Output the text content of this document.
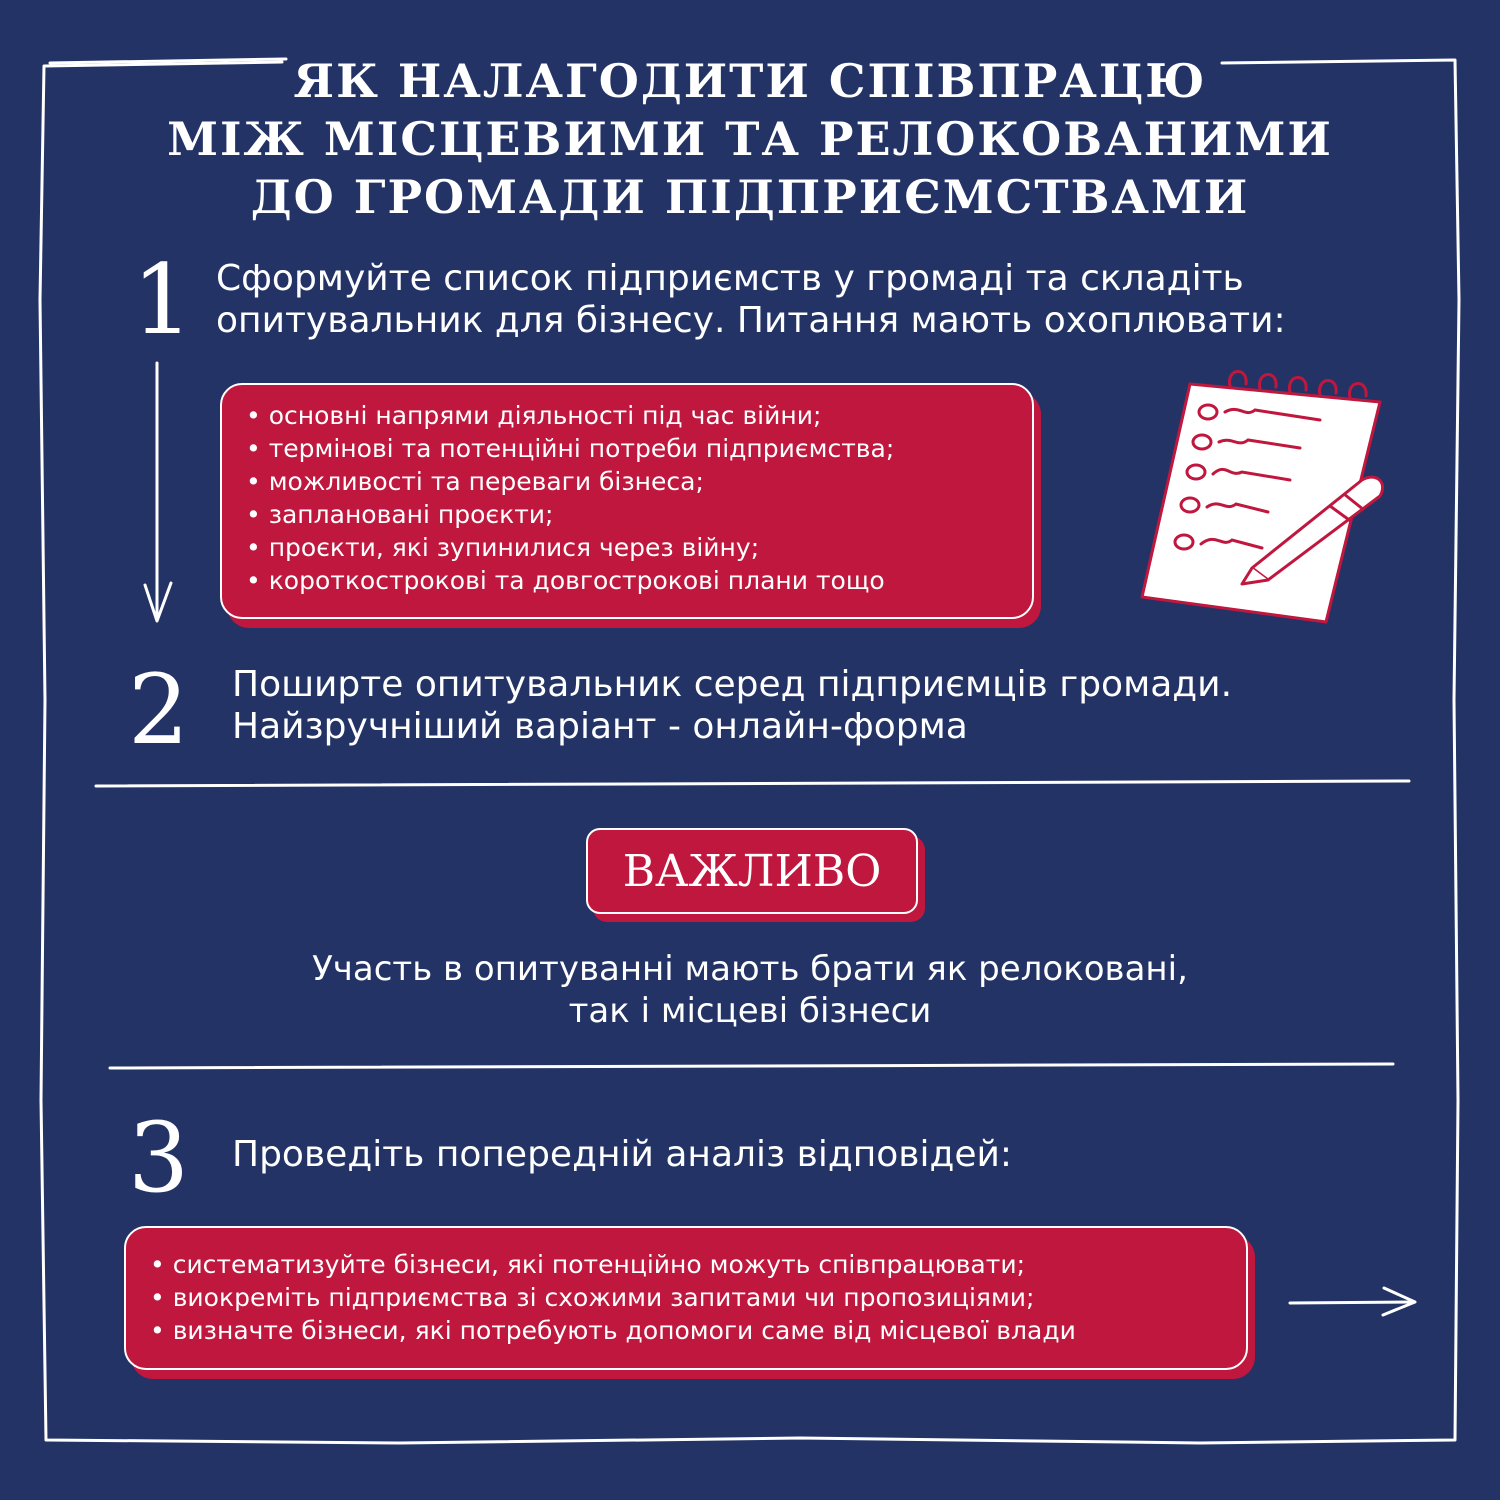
ЯК НАЛАГОДИТИ СПІВПРАЦЮ
МІЖ МІСЦЕВИМИ ТА РЕЛОКОВАНИМИ
ДО ГРОМАДИ ПІДПРИЄМСТВАМИ
1 Сформуйте список підприємств у громаді та складіть
опитувальник для бізнесу. Питання мають охоплювати:
• основні напрями діяльності під час війни;
• термінові та потенційні потреби підприємства;
• можливості та переваги бізнеса;
• заплановані проєкти;
• проєкти, які зупинилися через війну;
• короткострокові та довгострокові плани тощо
2 Поширте опитувальник серед підприємців громади.
Найзручніший варіант - онлайн-форма
ВАЖЛИВО
Участь в опитуванні мають брати як релоковані,
так і місцеві бізнеси
3 Проведіть попередній аналіз відповідей:
• систематизуйте бізнеси, які потенційно можуть співпрацювати;
• виокреміть підприємства зі схожими запитами чи пропозиціями;
• визначте бізнеси, які потребують допомоги саме від місцевої влади
